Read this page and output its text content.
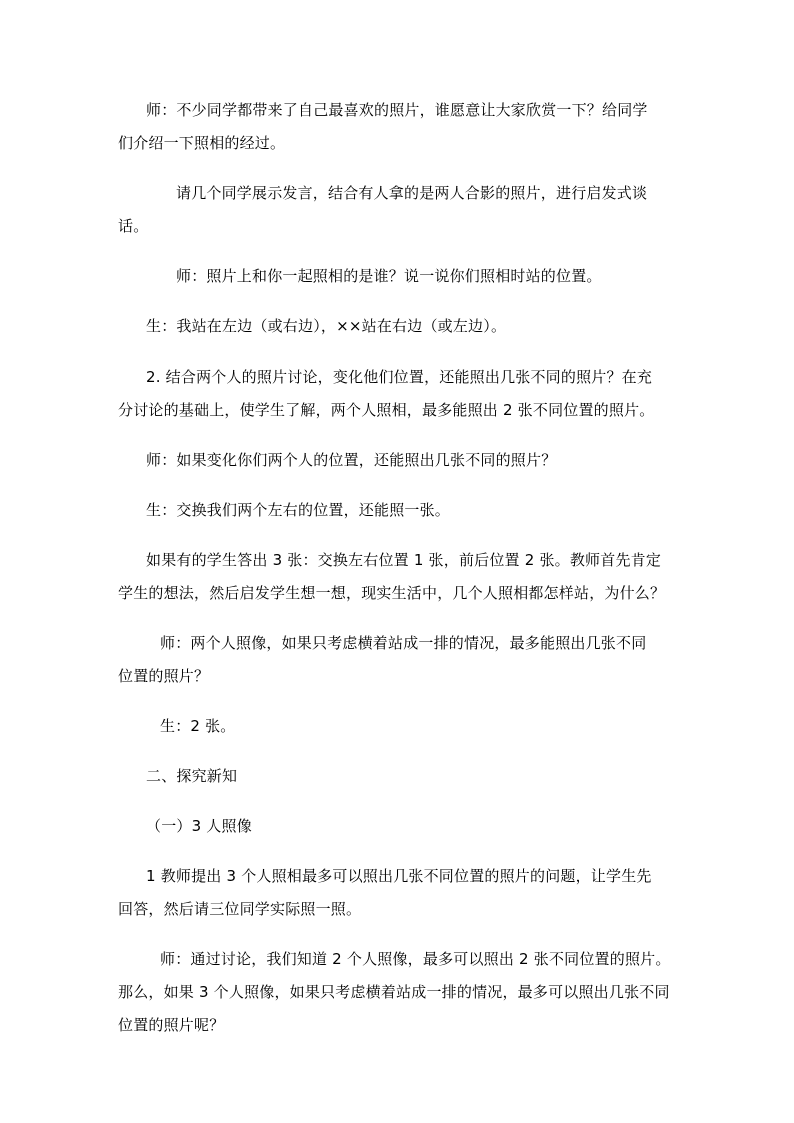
师：不少同学都带来了自己最喜欢的照片，谁愿意让大家欣赏一下？给同学
们介绍一下照相的经过。
请几个同学展示发言，结合有人拿的是两人合影的照片，进行启发式谈
话。
师：照片上和你一起照相的是谁？说一说你们照相时站的位置。
生：我站在左边（或右边），××站在右边（或左边）。
2. 结合两个人的照片讨论，变化他们位置，还能照出几张不同的照片？在充
分讨论的基础上，使学生了解，两个人照相，最多能照出 2 张不同位置的照片。
师：如果变化你们两个人的位置，还能照出几张不同的照片？
生：交换我们两个左右的位置，还能照一张。
如果有的学生答出 3 张：交换左右位置 1 张，前后位置 2 张。教师首先肯定
学生的想法，然后启发学生想一想，现实生活中，几个人照相都怎样站，为什么？
师：两个人照像，如果只考虑横着站成一排的情况，最多能照出几张不同
位置的照片？
生：2 张。
二、探究新知
（一）3 人照像
1 教师提出 3 个人照相最多可以照出几张不同位置的照片的问题，让学生先
回答，然后请三位同学实际照一照。
师：通过讨论，我们知道 2 个人照像，最多可以照出 2 张不同位置的照片。
那么，如果 3 个人照像，如果只考虑横着站成一排的情况，最多可以照出几张不同
位置的照片呢？
